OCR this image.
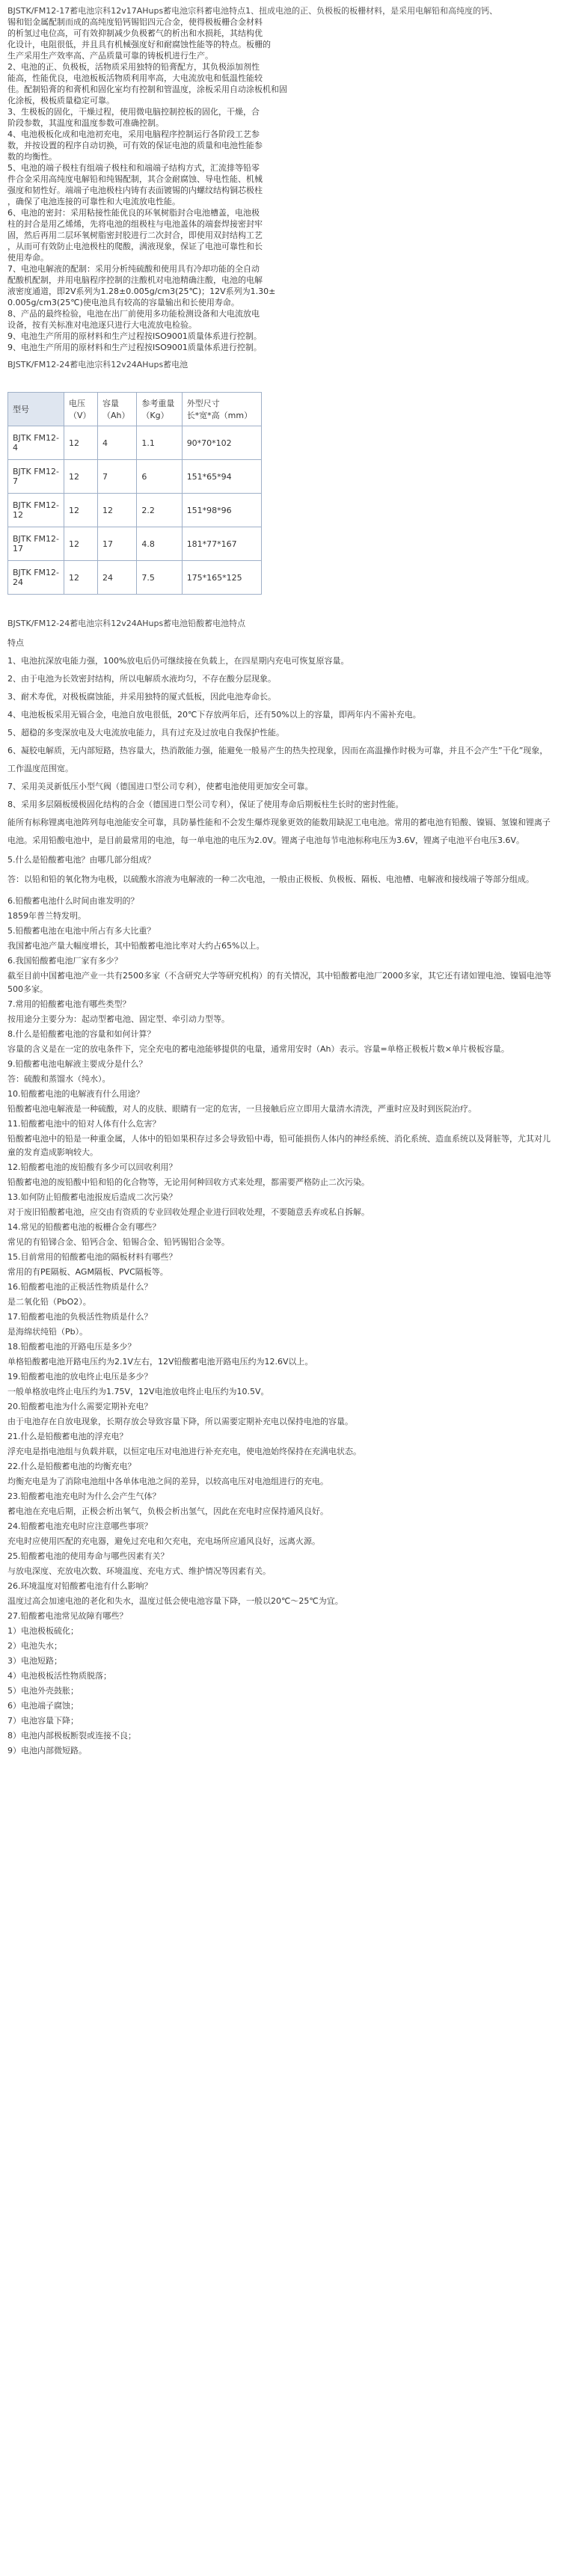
BJSTK/FM12-17蓄电池宗科12v17AHups蓄电池宗科蓄电池特点1、扭成电池的正、负极板的板栅材料，是采用电解铅和高纯度的钙、

锡和铝金属配制而成的高纯度铅钙锡铝四元合金，使得极板栅合金材料

的析氢过电位高，可有效抑制减少负极蓄气的析出和水损耗，其结构优

化设计，电阻很低，并且具有机械强度好和耐腐蚀性能等的特点。板栅的

生产采用生产效率高、产品质量可靠的铸板机进行生产。

2、电池的正、负极板，活物质采用独特的铅膏配方，其负极添加剂性

能高，性能优良，电池板板活物质利用率高，大电流放电和低温性能较

佳。配制铅膏的和膏机和固化室均有控制和管温度，涂板采用自动涂板机和固

化涂板，极板质量稳定可靠。

3、生极板的固化，干燥过程，使用微电脑控制控板的固化，干燥，合

阶段参数，其温度和温度参数可准确控制。

4、电池极板化成和电池初充电，采用电脑程序控制运行各阶段工艺参

数，并按设置的程序自动切换，可有效的保证电池的质量和电池性能参

数的均衡性。

5、电池的端子极柱有组端子极柱和和端端子结构方式，汇流排等铅零

件合金采用高纯度电解铅和纯锡配制，其合金耐腐蚀、导电性能、机械

强度和韧性好。端端子电池极柱内铸有表面镀锡的内螺纹结构铜芯极柱

，确保了电池连接的可靠性和大电流放电性能。

6、电池的密封：采用粘接性能优良的环氧树脂封合电池槽盖，电池极

柱的封合是用乙烯烯，先将电池的组极柱与电池盖体的端套焊接密封牢

固，然后再用二层环氧树脂密封胶进行二次封合，即使用双封结构工艺

，从而可有效防止电池极柱的爬酸，满液现象，保证了电池可靠性和长

使用寿命。

7、电池电解液的配制：采用分析纯硫酸和使用具有冷却功能的全自动

配酸机配制，并用电脑程序控制的注酸机对电池精确注酸，电池的电解

液密度通道，即2V系列为1.28±0.005g/cm3(25℃)；12V系列为1.30±

0.005g/cm3(25℃)使电池具有较高的容量输出和长使用寿命。

8、产品的最终检验，电池在出厂前使用多功能检测设备和大电流放电

设备，按有关标准对电池逐只进行大电流放电检验。

9、电池生产所用的原材料和生产过程按ISO9001质量体系进行控制。

9、电池生产所用的原材料和生产过程按ISO9001质量体系进行控制。

BJSTK/FM12-24蓄电池宗科12v24AHups蓄电池

型号	电压
（V）	容量
（Ah）	参考重量
（Kg）	外型尺寸
长*宽*高（mm）

BJTK FM12-4	12	4	1.1	90*70*102
BJTK FM12-7	12	7	6	151*65*94
BJTK FM12-12	12	12	2.2	151*98*96
BJTK FM12-17	12	17	4.8	181*77*167
BJTK FM12-24	12	24	7.5	175*165*125

BJSTK/FM12-24蓄电池宗科12v24AHups蓄电池铅酸蓄电池特点

特点

1、电池抗深放电能力强，100%放电后仍可继续接在负载上，在四星期内充电可恢复原容量。

2、由于电池为长效密封结构，所以电解质水液均匀，不存在酸分层现象。

3、耐术寿优，对极板腐蚀能，并采用独特的厦式低板，因此电池寿命长。

4、电池板板采用无镉合金，电池自放电很低，20℃下存放两年后，还有50%以上的容量，即两年内不需补充电。

5、超稳的多变深放电及大电流放电能力，具有过充及过放电自我保护性能。

6、凝胶电解质，无内部短路，热容量大，热消散能力强，能避免一般易产生的热失控现象，因而在高温操作时极为可靠，并且不会产生”干化”现象，工作温度范围宽。

7、采用美灵新低压小型气阀（德国进口型公司专利），使蓄电池使用更加安全可靠。

8、采用多层隔板缓极固化结构的合金（德国进口型公司专利），保证了使用寿命后期板柱生长时的密封性能。

能所有标称锂离电池阵列每电池能安全可靠，具防暴性能和不会发生爆炸现象更效的能数用缺泥工电电池。常用的蓄电池有铅酸、镍镉、氢镍和锂离子电池。采用铅酸电池中，是目前最常用的电池，每一单电池的电压为2.0V。锂离子电池每节电池标称电压为3.6V，锂离子电池平台电压3.6V。

5.什么是铅酸蓄电池？由哪几部分组成？

答：以铅和铅的氧化物为电极，以硫酸水溶液为电解液的一种二次电池，一般由正极板、负极板、隔板、电池槽、电解液和接线端子等部分组成。

6.铅酸蓄电池什么时间由谁发明的？

1859年普兰特发明。

5.铅酸蓄电池在电池中所占有多大比重？

我国蓄电池产量大幅度增长，其中铅酸蓄电池比率对大约占65%以上。

6.我国铅酸蓄电池厂家有多少？

截至目前中国蓄电池产业一共有2500多家（不含研究大学等研究机构）的有关情况，其中铅酸蓄电池厂2000多家，其它还有诸如锂电池、镍镉电池等500多家。

7.常用的铅酸蓄电池有哪些类型？

按用途分主要分为：起动型蓄电池、固定型、牵引动力型等。

8.什么是铅酸蓄电池的容量和如何计算？

容量的含义是在一定的放电条件下，完全充电的蓄电池能够提供的电量，通常用安时（Ah）表示。容量=单格正极板片数×单片极板容量。

9.铅酸蓄电池电解液主要成分是什么？

答：硫酸和蒸馏水（纯水）。

10.铅酸蓄电池的电解液有什么用途？

铅酸蓄电池电解液是一种硫酸，对人的皮肤、眼睛有一定的危害，一旦接触后应立即用大量清水清洗，严重时应及时到医院治疗。

11.铅酸蓄电池中的铅对人体有什么危害？

铅酸蓄电池中的铅是一种重金属，人体中的铅如果积存过多会导致铅中毒，铅可能损伤人体内的神经系统、消化系统、造血系统以及肾脏等，尤其对儿童的发育造成影响较大。

12.铅酸蓄电池的废铅酸有多少可以回收利用？

铅酸蓄电池的废铅酸中铅和铅的化合物等，无论用何种回收方式来处理，都需要严格防止二次污染。

13.如何防止铅酸蓄电池报废后造成二次污染？

对于废旧铅酸蓄电池，应交由有资质的专业回收处理企业进行回收处理，不要随意丢弃或私自拆解。

14.常见的铅酸蓄电池的板栅合金有哪些？

常见的有铅锑合金、铅钙合金、铅锡合金、铅钙锡铝合金等。

15.目前常用的铅酸蓄电池的隔板材料有哪些？

常用的有PE隔板、AGM隔板、PVC隔板等。

16.铅酸蓄电池的正极活性物质是什么？

是二氧化铅（PbO2）。

17.铅酸蓄电池的负极活性物质是什么？

是海绵状纯铅（Pb）。

18.铅酸蓄电池的开路电压是多少？

单格铅酸蓄电池开路电压约为2.1V左右，12V铅酸蓄电池开路电压约为12.6V以上。

19.铅酸蓄电池的放电终止电压是多少？

一般单格放电终止电压约为1.75V，12V电池放电终止电压约为10.5V。

20.铅酸蓄电池为什么需要定期补充电？

由于电池存在自放电现象，长期存放会导致容量下降，所以需要定期补充电以保持电池的容量。

21.什么是铅酸蓄电池的浮充电？

浮充电是指电池组与负载并联，以恒定电压对电池进行补充充电，使电池始终保持在充满电状态。

22.什么是铅酸蓄电池的均衡充电？

均衡充电是为了消除电池组中各单体电池之间的差异，以较高电压对电池组进行的充电。

23.铅酸蓄电池充电时为什么会产生气体？

蓄电池在充电后期，正极会析出氧气，负极会析出氢气，因此在充电时应保持通风良好。

24.铅酸蓄电池充电时应注意哪些事项？

充电时应使用匹配的充电器，避免过充电和欠充电，充电场所应通风良好，远离火源。

25.铅酸蓄电池的使用寿命与哪些因素有关？

与放电深度、充放电次数、环境温度、充电方式、维护情况等因素有关。

26.环境温度对铅酸蓄电池有什么影响？

温度过高会加速电池的老化和失水，温度过低会使电池容量下降，一般以20℃～25℃为宜。

27.铅酸蓄电池常见故障有哪些？

1）电池极板硫化；

2）电池失水；

3）电池短路；

4）电池极板活性物质脱落；

5）电池外壳鼓胀；

6）电池端子腐蚀；

7）电池容量下降；

8）电池内部极板断裂或连接不良；

9）电池内部微短路。
